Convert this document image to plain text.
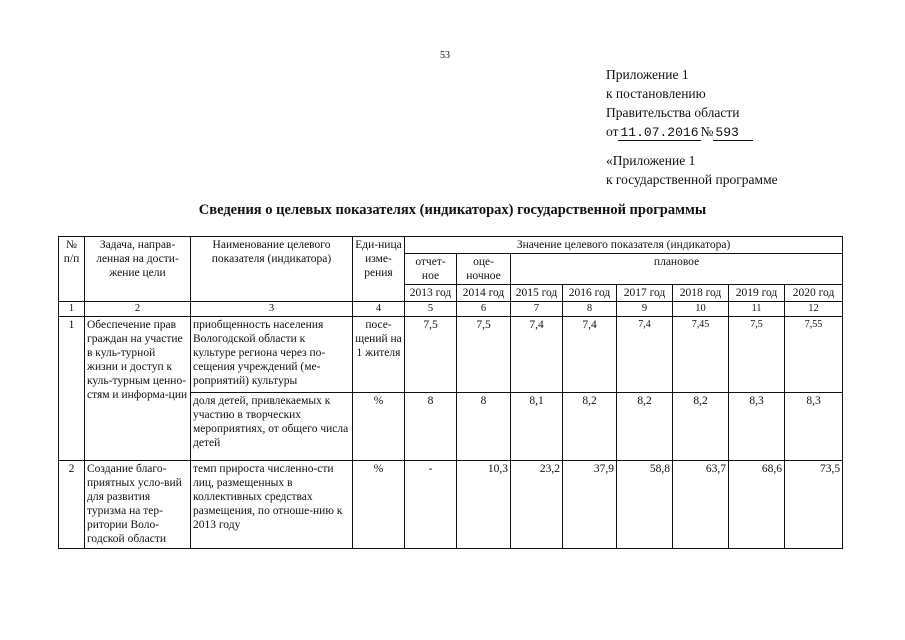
53
Приложение 1
к постановлению
Правительства области
от 11.07.2016 № 593
«Приложение 1
к государственной программе
Сведения о целевых показателях (индикаторах) государственной программы
№ п/п	Задача, направ-ленная на дости-жение цели	Наименование целевого показателя (индикатора)	Еди-ница изме-рения	Значение целевого показателя (индикатора)							
				отчет-ное	оце-ночное	плановое					
				2013 год	2014 год	2015 год	2016 год	2017 год	2018 год	2019 год	2020 год
1	2	3	4	5	6	7	8	9	10	11	12
1	Обеспечение прав граждан на участие в куль-турной жизни и доступ к куль-турным ценно-стям и информа-ции	приобщенность населения Вологодской области к культуре региона через по-сещения учреждений (ме-роприятий) культуры	посе-щений на 1 жителя	7,5	7,5	7,4	7,4	7,4	7,45	7,5	7,55
		доля детей, привлекаемых к участию в творческих мероприятиях, от общего числа детей	%	8	8	8,1	8,2	8,2	8,2	8,3	8,3
2	Создание благо-приятных усло-вий для развития туризма на тер-ритории Воло-годской области	темп прироста численно-сти лиц, размещенных в коллективных средствах размещения, по отноше-нию к 2013 году	%	-	10,3	23,2	37,9	58,8	63,7	68,6	73,5
